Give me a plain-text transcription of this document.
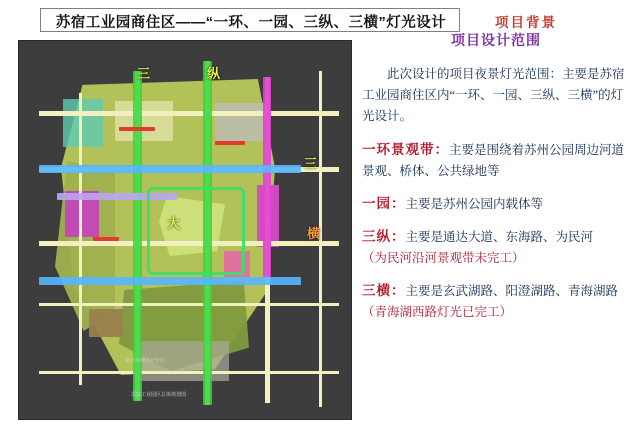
苏宿工业园商住区——“一环、一园、三纵、三横”灯光设计	项目背景
三	纵
三
横
大
宿迁市经济开发区
苏宿工业园区总体规划图
项目设计范围
此次设计的项目夜景灯光范围：主要是苏宿工业园商住区内“一环、一园、三纵、三横”的灯光设计。
一环景观带：主要是围绕着苏州公园周边河道景观、桥体、公共绿地等
一园：主要是苏州公园内载体等
三纵：主要是通达大道、东海路、为民河
（为民河沿河景观带未完工）
三横：主要是玄武湖路、阳澄湖路、青海湖路 （青海湖西路灯光已完工）
